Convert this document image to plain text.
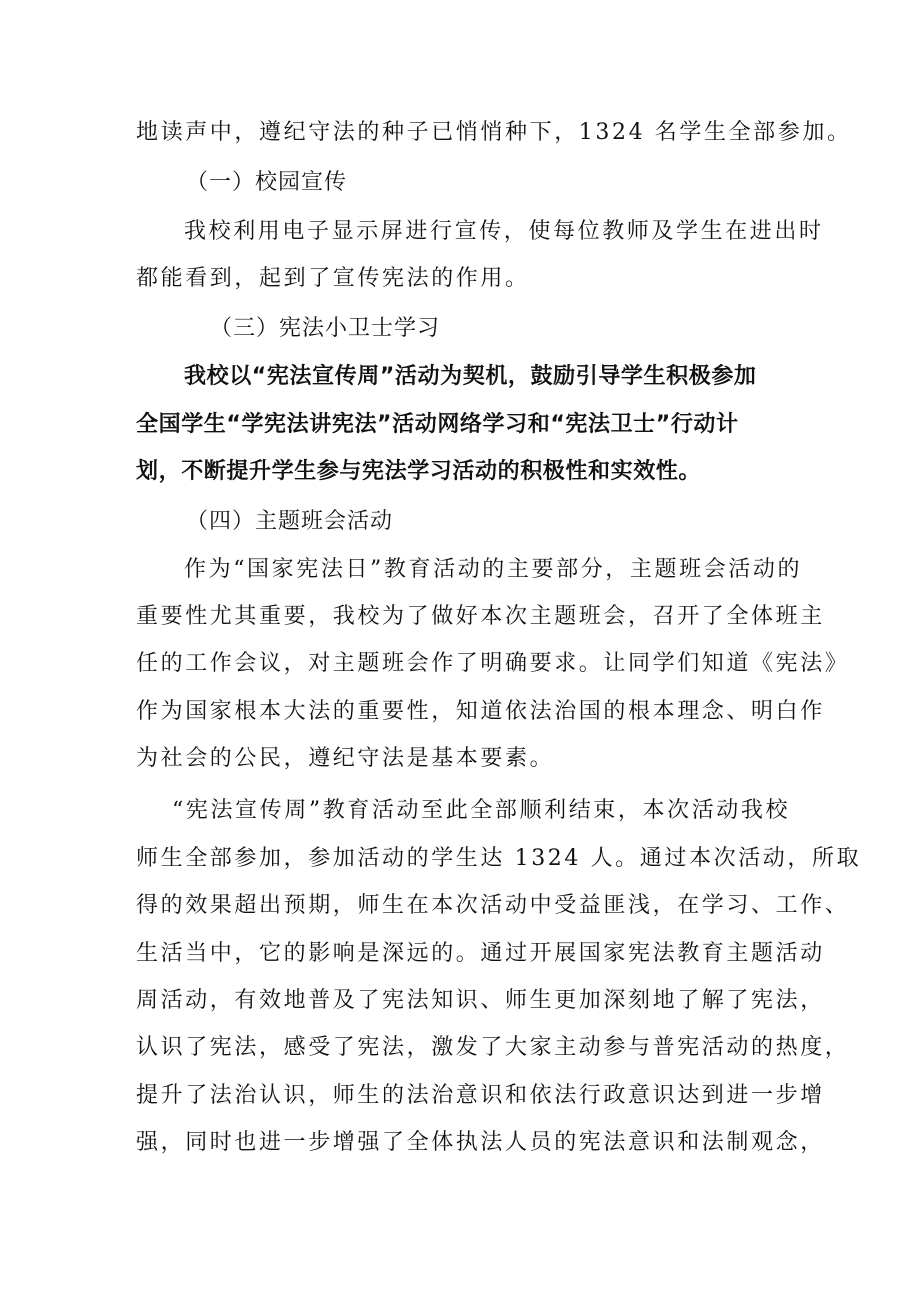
地读声中，遵纪守法的种子已悄悄种下，1324 名学生全部参加。
（一）校园宣传
我校利用电子显示屏进行宣传，使每位教师及学生在进出时
都能看到，起到了宣传宪法的作用。
（三）宪法小卫士学习
我校以“宪法宣传周”活动为契机，鼓励引导学生积极参加
全国学生“学宪法讲宪法”活动网络学习和“宪法卫士”行动计
划，不断提升学生参与宪法学习活动的积极性和实效性。
（四）主题班会活动
作为“国家宪法日”教育活动的主要部分，主题班会活动的
重要性尤其重要，我校为了做好本次主题班会，召开了全体班主
任的工作会议，对主题班会作了明确要求。让同学们知道《宪法》
作为国家根本大法的重要性，知道依法治国的根本理念、明白作
为社会的公民，遵纪守法是基本要素。
“宪法宣传周”教育活动至此全部顺利结束，本次活动我校
师生全部参加，参加活动的学生达 1324 人。通过本次活动，所取
得的效果超出预期，师生在本次活动中受益匪浅，在学习、工作、
生活当中，它的影响是深远的。通过开展国家宪法教育主题活动
周活动，有效地普及了宪法知识、师生更加深刻地了解了宪法，
认识了宪法，感受了宪法，激发了大家主动参与普宪活动的热度，
提升了法治认识，师生的法治意识和依法行政意识达到进一步增
强，同时也进一步增强了全体执法人员的宪法意识和法制观念，
